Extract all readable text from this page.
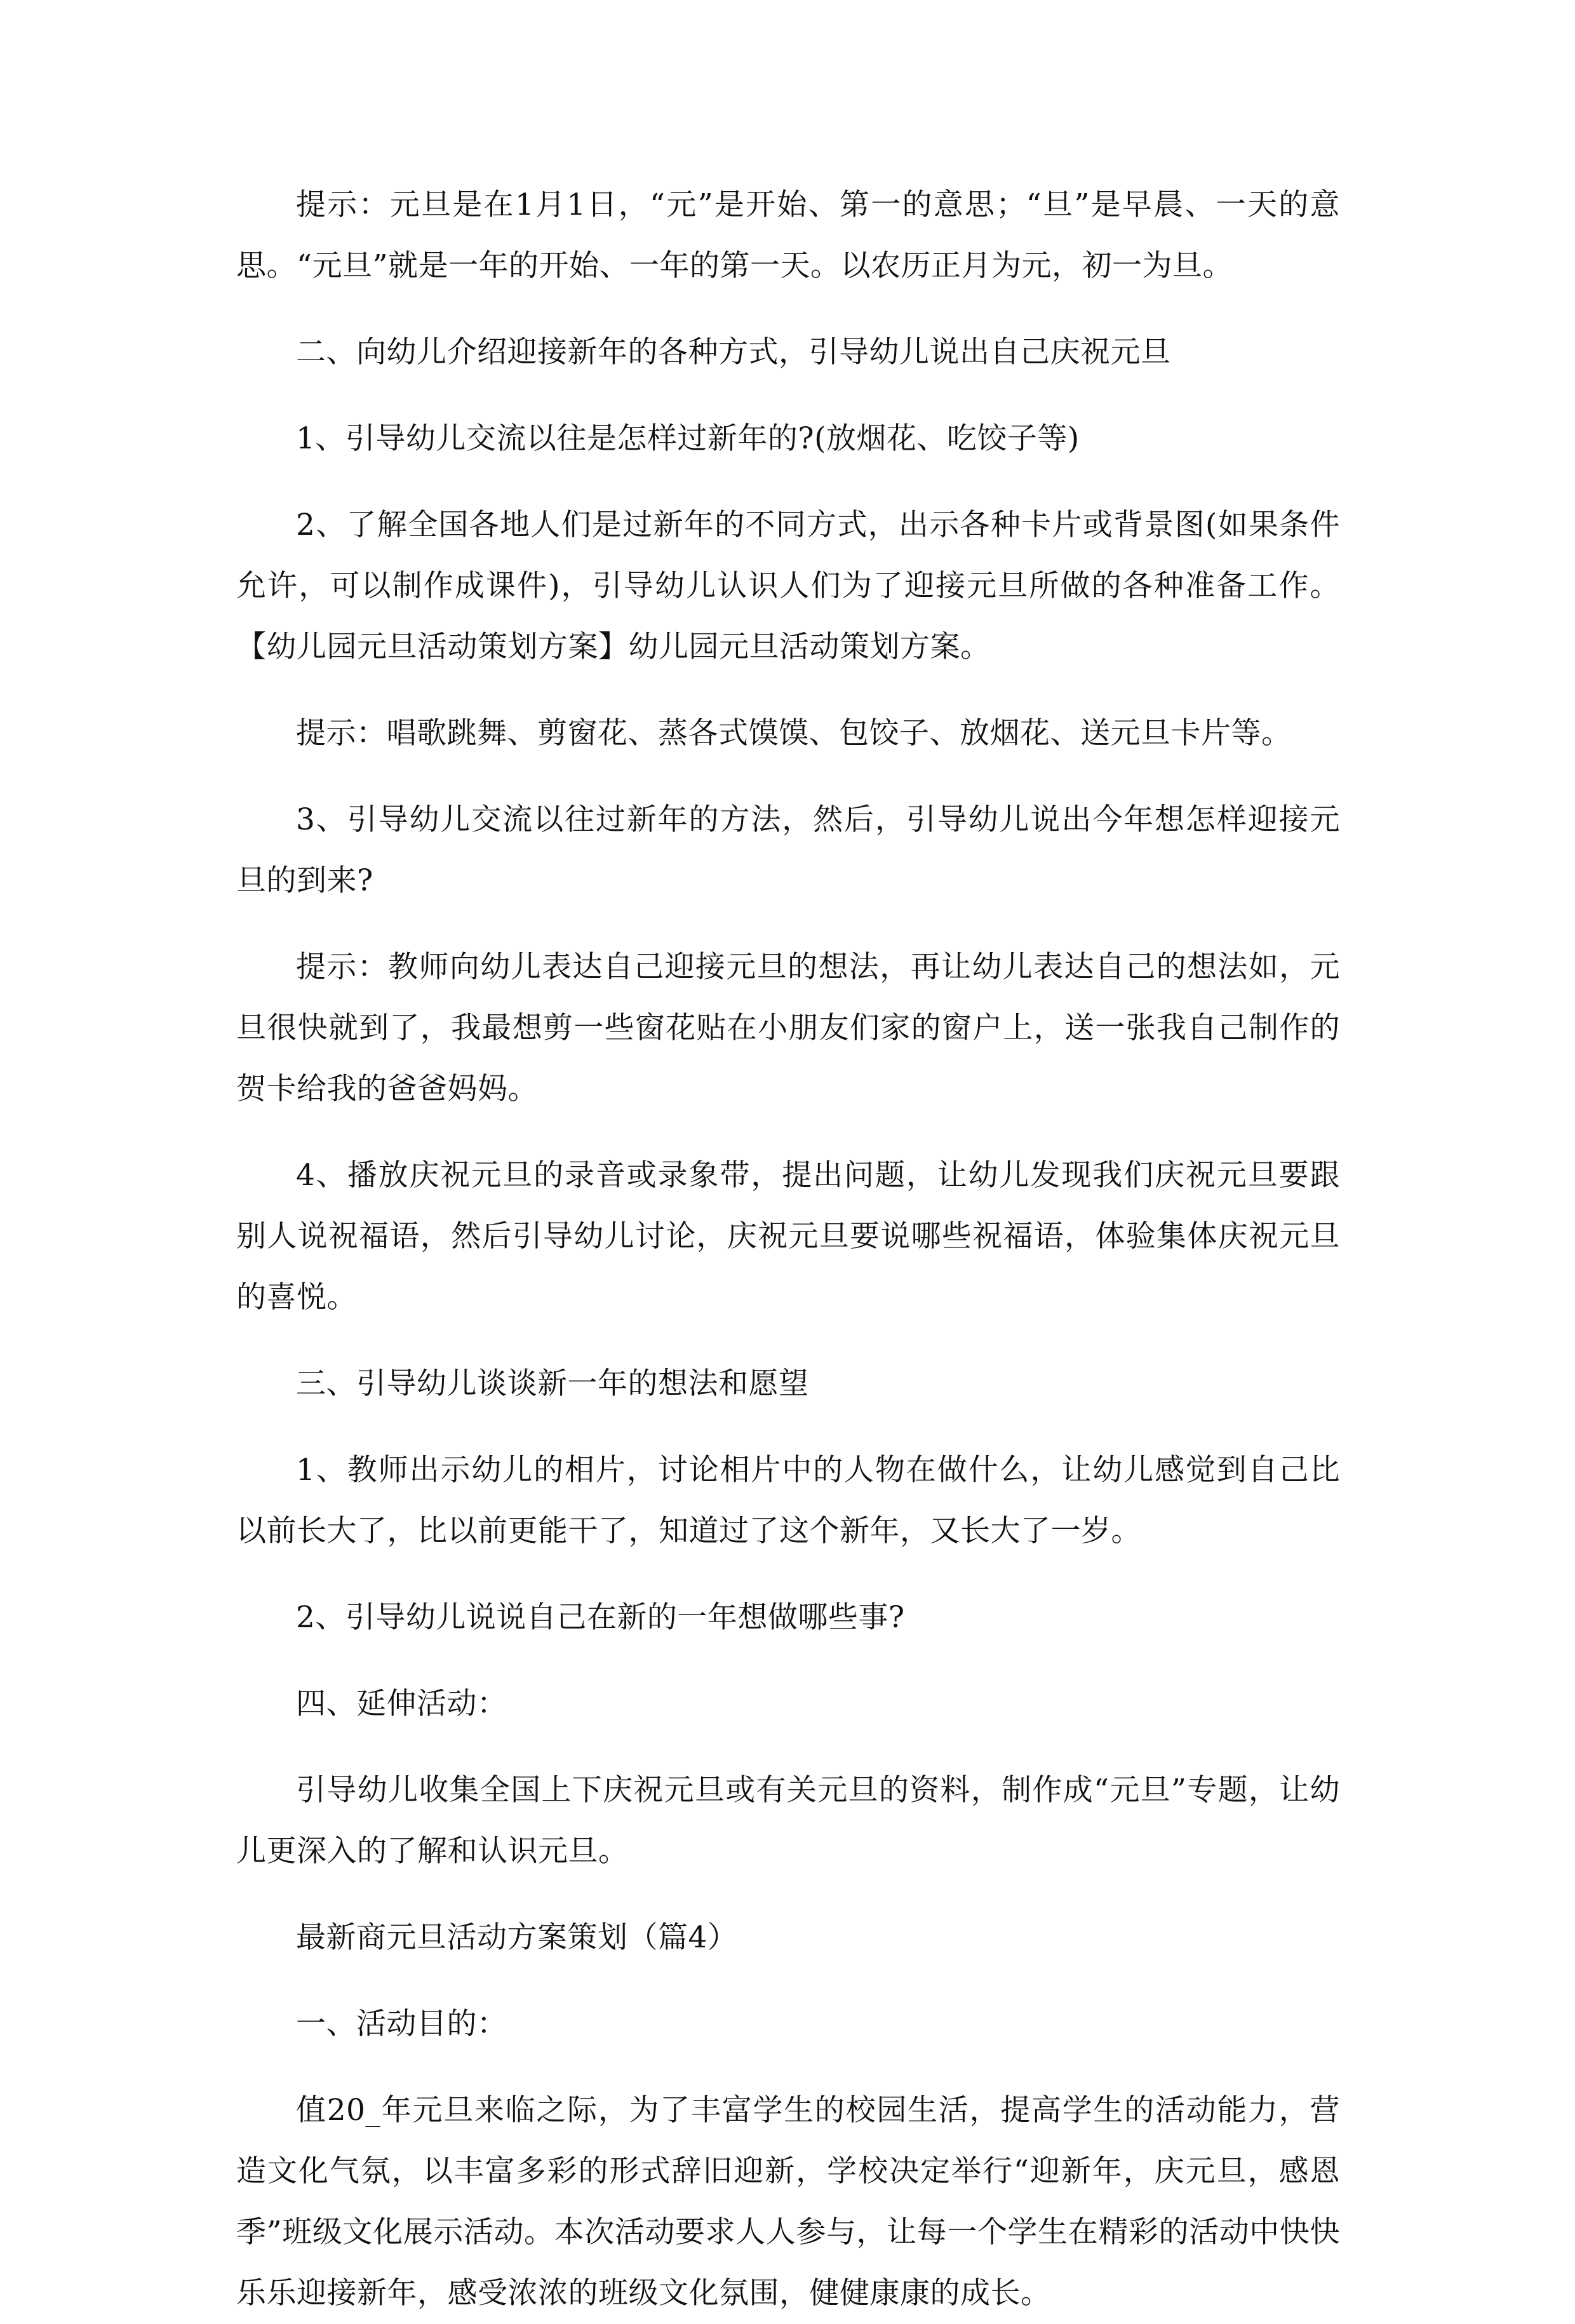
提示：元旦是在1月1日，“元”是开始、第一的意思；“旦”是早晨、一天的意思。“元旦”就是一年的开始、一年的第一天。以农历正月为元，初一为旦。

二、向幼儿介绍迎接新年的各种方式，引导幼儿说出自己庆祝元旦

1、引导幼儿交流以往是怎样过新年的?(放烟花、吃饺子等)

2、了解全国各地人们是过新年的不同方式，出示各种卡片或背景图(如果条件允许，可以制作成课件)，引导幼儿认识人们为了迎接元旦所做的各种准备工作。【幼儿园元旦活动策划方案】幼儿园元旦活动策划方案。

提示：唱歌跳舞、剪窗花、蒸各式馍馍、包饺子、放烟花、送元旦卡片等。

3、引导幼儿交流以往过新年的方法，然后，引导幼儿说出今年想怎样迎接元旦的到来?

提示：教师向幼儿表达自己迎接元旦的想法，再让幼儿表达自己的想法如，元旦很快就到了，我最想剪一些窗花贴在小朋友们家的窗户上，送一张我自己制作的贺卡给我的爸爸妈妈。

4、播放庆祝元旦的录音或录象带，提出问题，让幼儿发现我们庆祝元旦要跟别人说祝福语，然后引导幼儿讨论，庆祝元旦要说哪些祝福语，体验集体庆祝元旦的喜悦。

三、引导幼儿谈谈新一年的想法和愿望

1、教师出示幼儿的相片，讨论相片中的人物在做什么，让幼儿感觉到自己比以前长大了，比以前更能干了，知道过了这个新年，又长大了一岁。

2、引导幼儿说说自己在新的一年想做哪些事?

四、延伸活动：

引导幼儿收集全国上下庆祝元旦或有关元旦的资料，制作成“元旦”专题，让幼儿更深入的了解和认识元旦。

最新商元旦活动方案策划（篇4）

一、活动目的：

值20_年元旦来临之际，为了丰富学生的校园生活，提高学生的活动能力，营造文化气氛，以丰富多彩的形式辞旧迎新，学校决定举行“迎新年，庆元旦，感恩季”班级文化展示活动。本次活动要求人人参与，让每一个学生在精彩的活动中快快乐乐迎接新年，感受浓浓的班级文化氛围，健健康康的成长。
